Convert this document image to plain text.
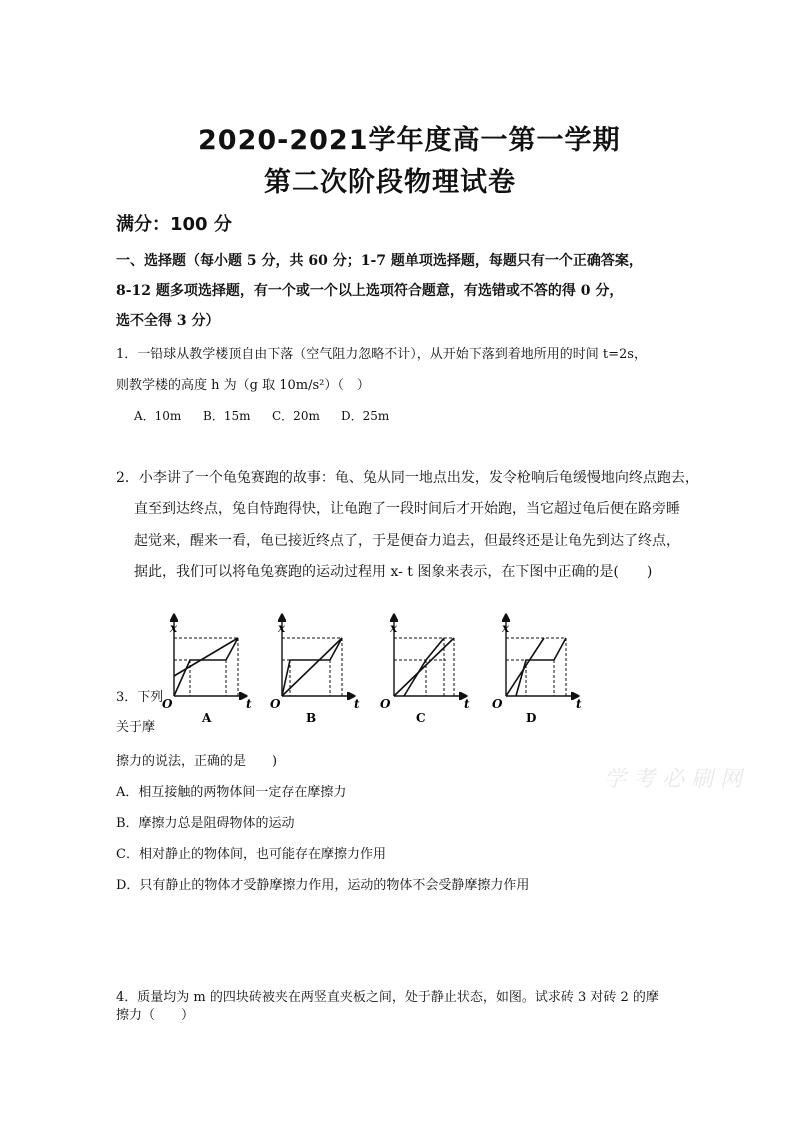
2020-2021学年度高一第一学期
第二次阶段物理试卷
满分：100 分
一、选择题（每小题 5 分，共 60 分；1-7 题单项选择题，每题只有一个正确答案，
8-12 题多项选择题，有一个或一个以上选项符合题意，有选错或不答的得 0 分，
选不全得 3 分）
1．一铅球从教学楼顶自由下落（空气阻力忽略不计），从开始下落到着地所用的时间 t=2s，
则教学楼的高度 h 为（g 取 10m/s²）（　）
A．10m B．15m C．20m D．25m
2．小李讲了一个龟兔赛跑的故事：龟、兔从同一地点出发，发令枪响后龟缓慢地向终点跑去，
直至到达终点，兔自恃跑得快，让龟跑了一段时间后才开始跑，当它超过龟后便在路旁睡
起觉来，醒来一看，龟已接近终点了，于是便奋力追去，但最终还是让龟先到达了终点，
据此，我们可以将龟兔赛跑的运动过程用 x- t 图象来表示，在下图中正确的是(　　)
O
x
t
A
O
x
t
B
O
x
t
C
O
x
t
D
3．下列
关于摩
擦力的说法，正确的是　　)
A．相互接触的两物体间一定存在摩擦力
B．摩擦力总是阻碍物体的运动
C．相对静止的物体间，也可能存在摩擦力作用
D．只有静止的物体才受静摩擦力作用，运动的物体不会受静摩擦力作用
学 考 必 刷 网
4．质量均为 m 的四块砖被夹在两竖直夹板之间，处于静止状态，如图。试求砖 3 对砖 2 的摩
擦力（　　）
